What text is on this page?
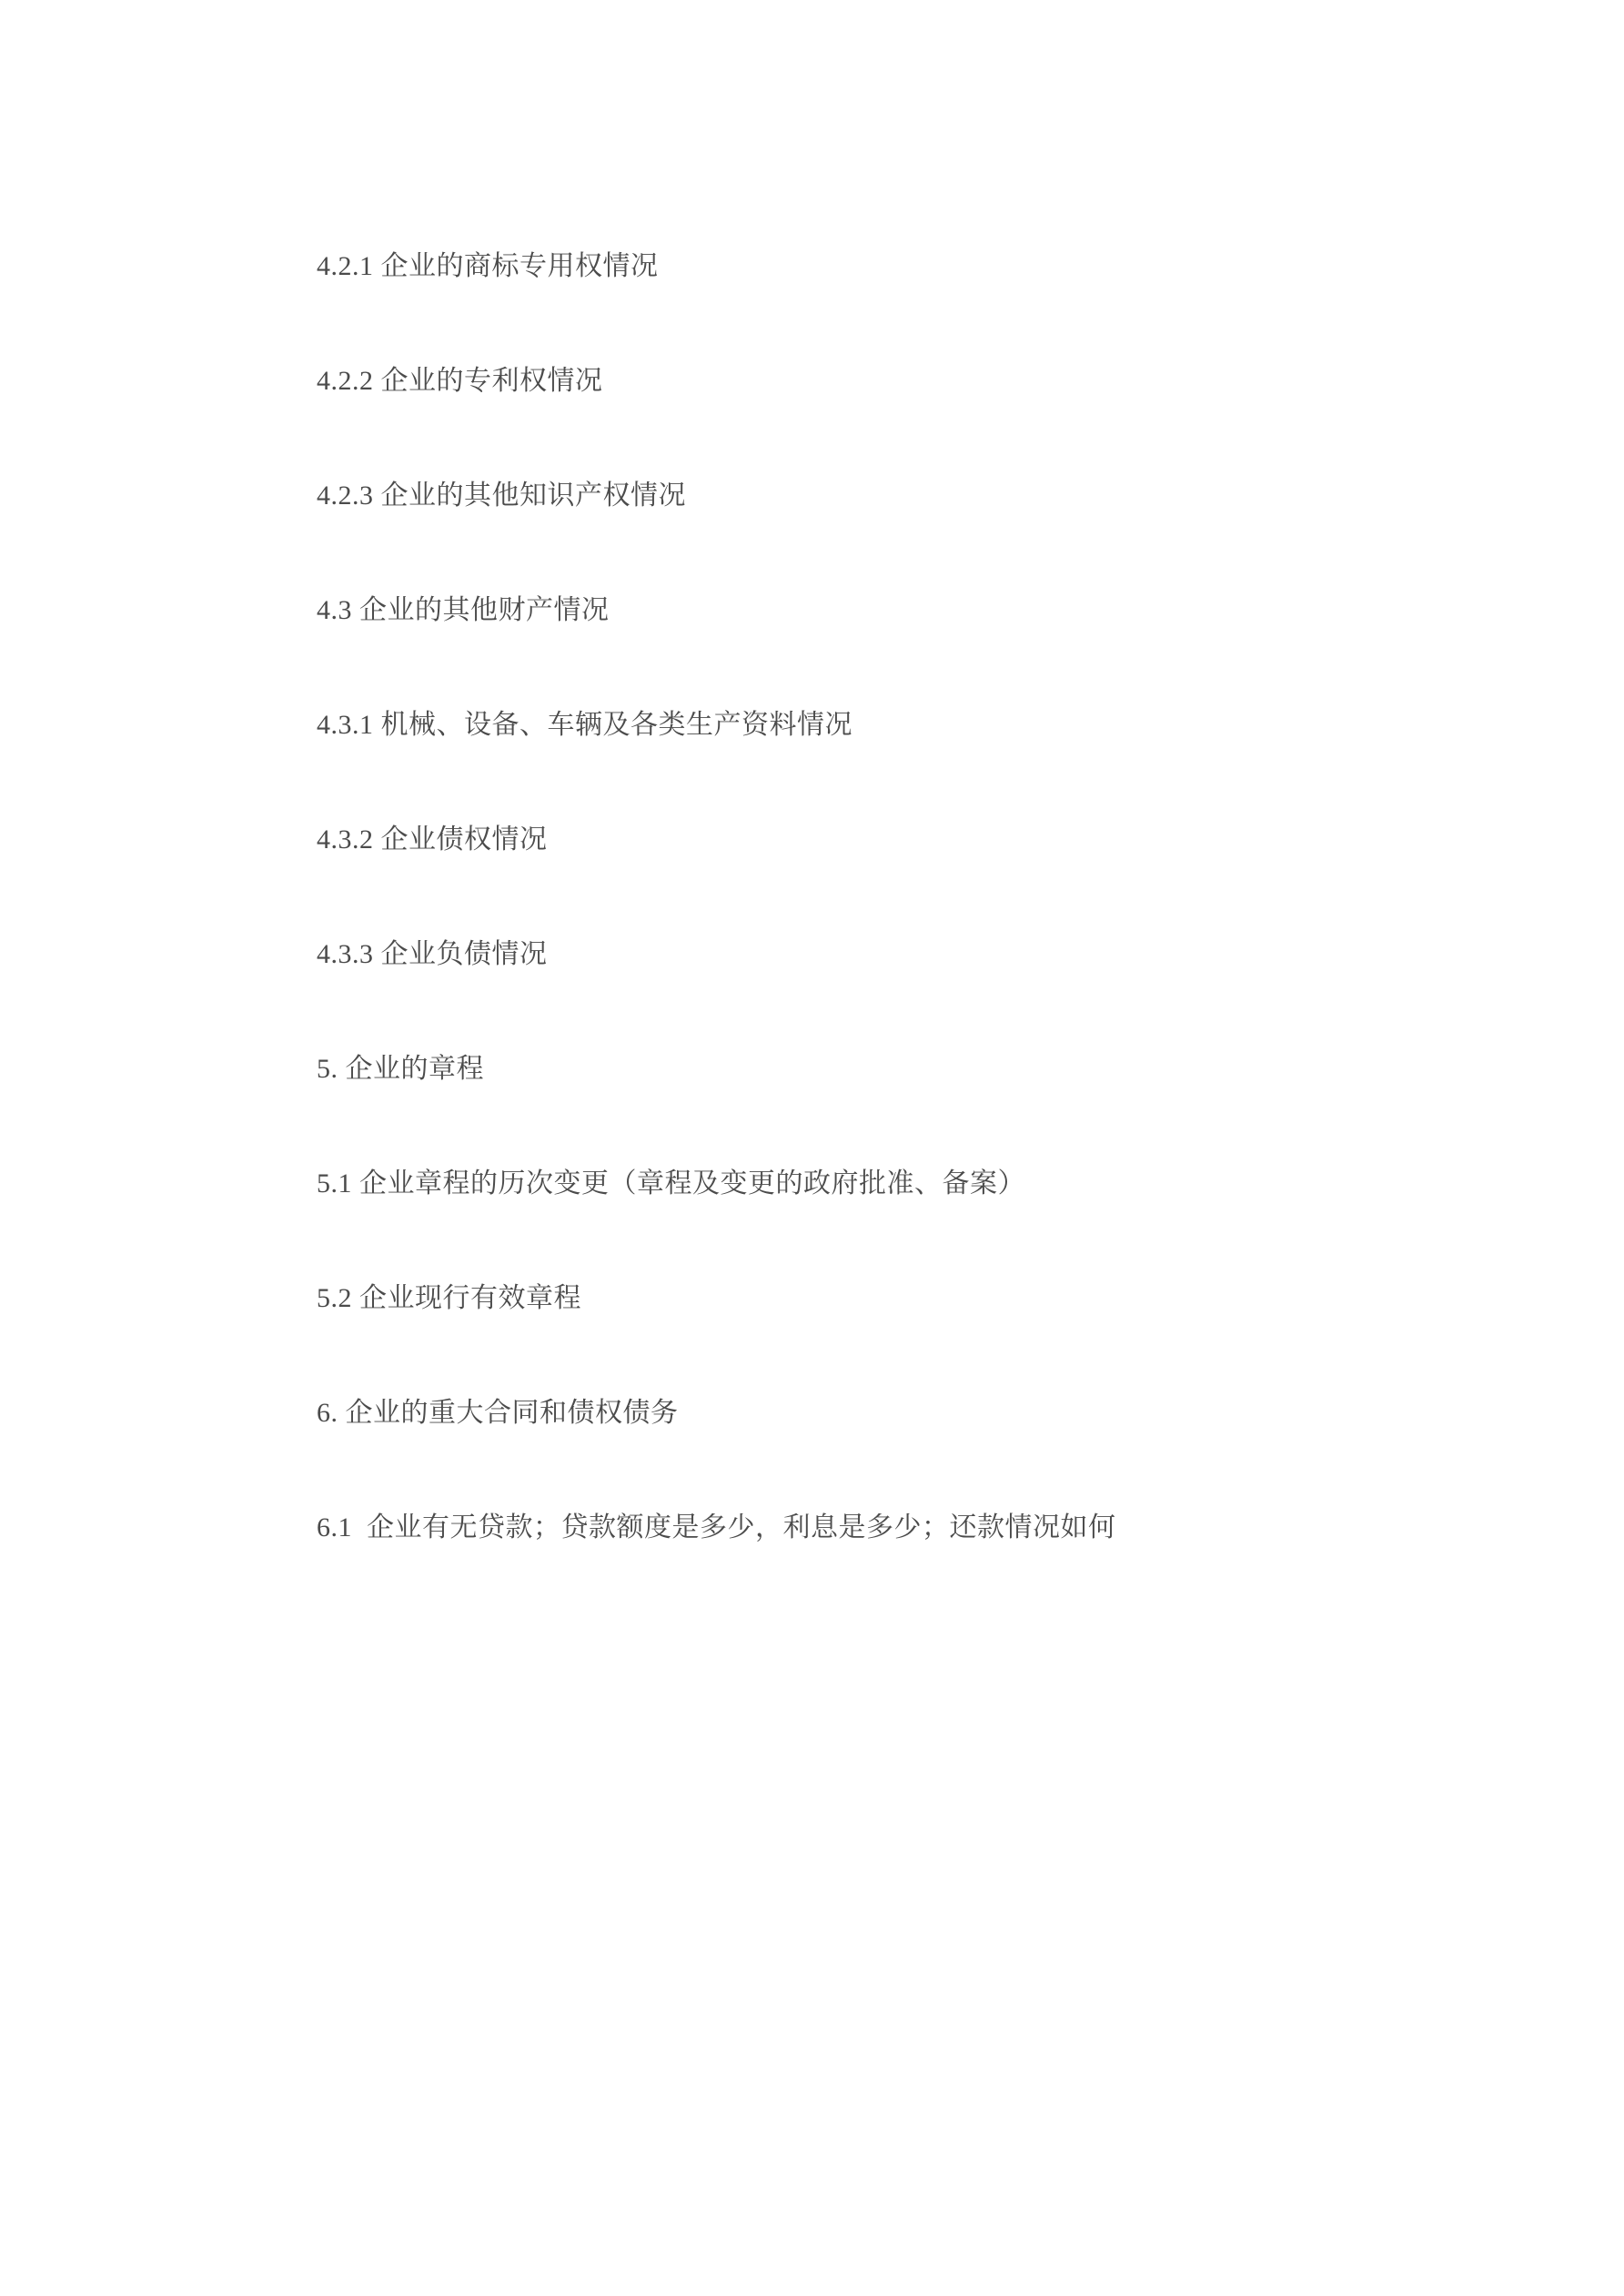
4.2.1 企业的商标专用权情况

4.2.2 企业的专利权情况

4.2.3 企业的其他知识产权情况

4.3 企业的其他财产情况

4.3.1 机械、设备、车辆及各类生产资料情况

4.3.2 企业债权情况

4.3.3 企业负债情况

5. 企业的章程

5.1 企业章程的历次变更（章程及变更的政府批准、备案）

5.2 企业现行有效章程

6. 企业的重大合同和债权债务

6.1  企业有无贷款；贷款额度是多少，利息是多少；还款情况如何
